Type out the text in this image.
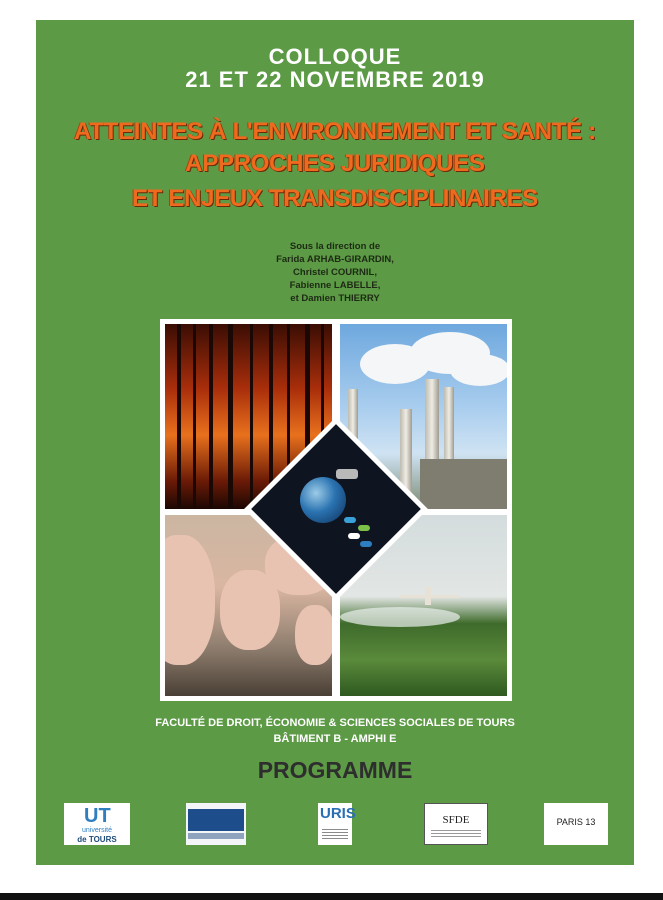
COLLOQUE
21 ET 22 NOVEMBRE 2019
ATTEINTES À L'ENVIRONNEMENT ET SANTÉ :
APPROCHES JURIDIQUES
ET ENJEUX TRANSDISCIPLINAIRES
Sous la direction de
Farida ARHAB-GIRARDIN,
Christel COURNIL,
Fabienne LABELLE,
et Damien THIERRY
FACULTÉ DE DROIT, ÉCONOMIE & SCIENCES SOCIALES DE TOURS
BÂTIMENT B - AMPHI E
PROGRAMME
UT
université
de TOURS
URIS	SFDE	PARIS 13
